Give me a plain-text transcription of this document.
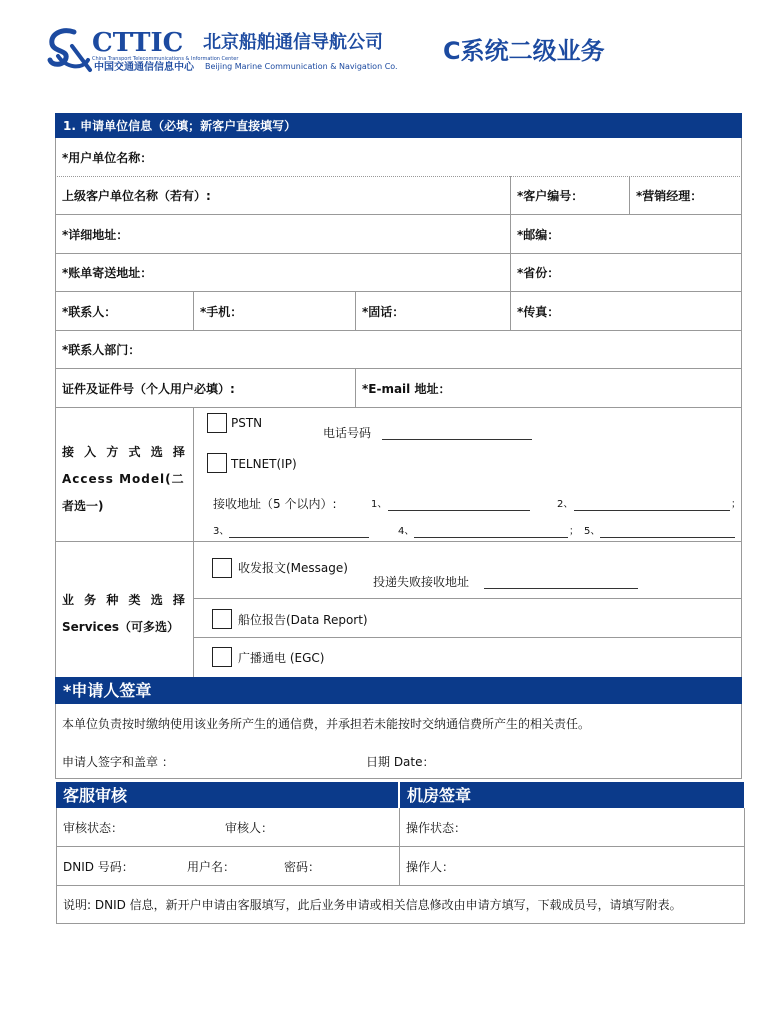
CTTIC 北京船舶通信导航公司
China Transport Telecommunications & Information Center
中国交通通信信息中心 Beijing Marine Communication & Navigation Co.
C系统二级业务
1. 申请单位信息（必填；新客户直接填写）
*用户单位名称：
上级客户单位名称（若有）:	*客户编号：	*营销经理：
*详细地址：	*邮编：
*账单寄送地址：	*省份：
*联系人：	*手机：	*固话：	*传真：
*联系人部门：
证件及证件号（个人用户必填）:	*E-mail 地址：
接 入 方 式 选 择
Access Model(二
者选一)
PSTN
电话号码
TELNET(IP)
接收地址（5 个以内）:	1、	2、	；
3、	4、	； 5、
业 务 种 类 选 择
Services（可多选）
收发报文(Message)
投递失败接收地址
船位报告(Data Report)
广播通电 (EGC)
*申请人签章
本单位负责按时缴纳使用该业务所产生的通信费，并承担若未能按时交纳通信费所产生的相关责任。
申请人签字和盖章 ：	日期 Date：
客服审核	机房签章
审核状态：	审核人：	操作状态：
DNID 号码：	用户名：	密码：	操作人：
说明: DNID 信息，新开户申请由客服填写，此后业务申请或相关信息修改由申请方填写，下载成员号，请填写附表。
